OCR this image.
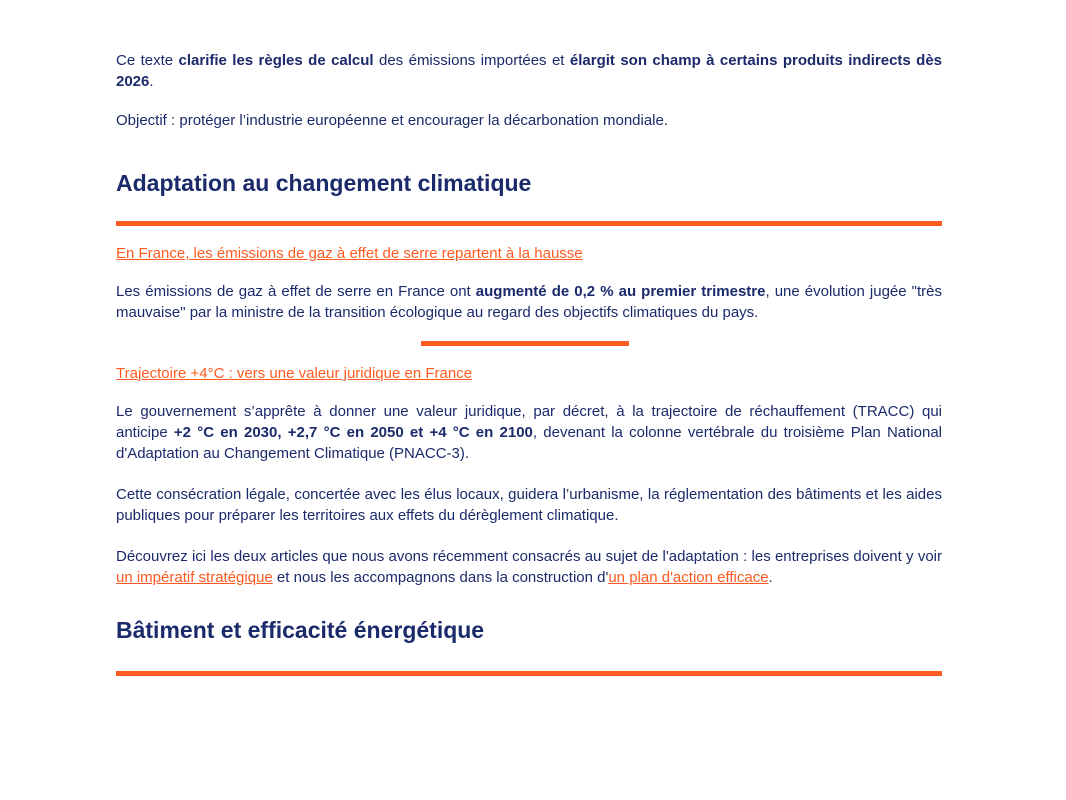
Ce texte clarifie les règles de calcul des émissions importées et élargit son champ à certains produits indirects dès 2026.

Objectif : protéger l’industrie européenne et encourager la décarbonation mondiale.

Adaptation au changement climatique
En France, les émissions de gaz à effet de serre repartent à la hausse

Les émissions de gaz à effet de serre en France ont augmenté de 0,2 % au premier trimestre, une évolution jugée "très mauvaise" par la ministre de la transition écologique au regard des objectifs climatiques du pays.

Trajectoire +4°C : vers une valeur juridique en France

Le gouvernement s’apprête à donner une valeur juridique, par décret, à la trajectoire de réchauffement (TRACC) qui anticipe +2 °C en 2030, +2,7 °C en 2050 et +4 °C en 2100, devenant la colonne vertébrale du troisième Plan National d'Adaptation au Changement Climatique (PNACC-3).

Cette consécration légale, concertée avec les élus locaux, guidera l’urbanisme, la réglementation des bâtiments et les aides publiques pour préparer les territoires aux effets du dérèglement climatique.

Découvrez ici les deux articles que nous avons récemment consacrés au sujet de l'adaptation : les entreprises doivent y voir un impératif stratégique et nous les accompagnons dans la construction d'un plan d'action efficace.

Bâtiment et efficacité énergétique
